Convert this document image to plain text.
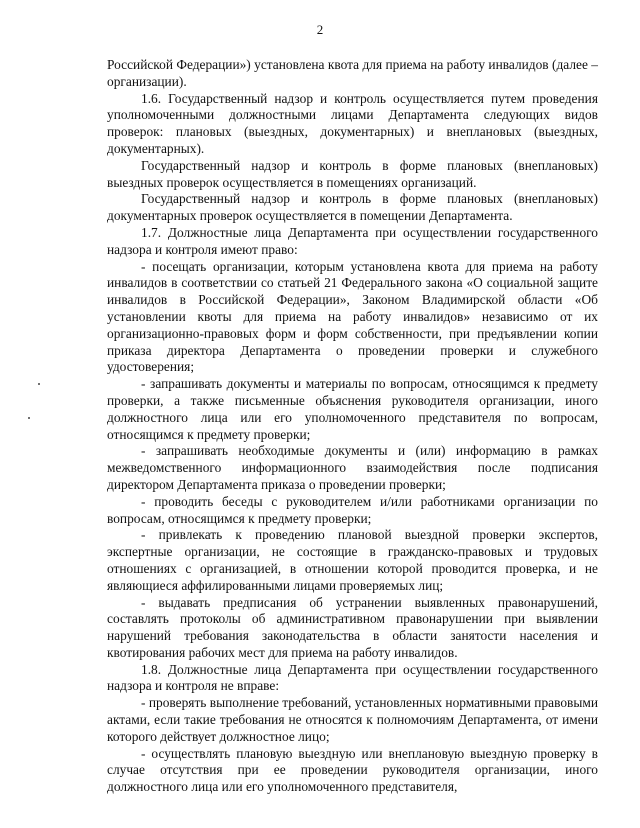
2

Российской Федерации») установлена квота для приема на работу инвалидов (далее – организации).

1.6. Государственный надзор и контроль осуществляется путем проведения уполномоченными должностными лицами Департамента следующих видов проверок: плановых (выездных, документарных) и внеплановых (выездных, документарных).

Государственный надзор и контроль в форме плановых (внеплановых) выездных проверок осуществляется в помещениях организаций.

Государственный надзор и контроль в форме плановых (внеплановых) документарных проверок осуществляется в помещении Департамента.

1.7. Должностные лица Департамента при осуществлении государственного надзора и контроля имеют право:

- посещать организации, которым установлена квота для приема на работу инвалидов в соответствии со статьей 21 Федерального закона «О социальной защите инвалидов в Российской Федерации», Законом Владимирской области «Об установлении квоты для приема на работу инвалидов» независимо от их организационно-правовых форм и форм собственности, при предъявлении копии приказа директора Департамента о проведении проверки и служебного удостоверения;

- запрашивать документы и материалы по вопросам, относящимся к предмету проверки, а также письменные объяснения руководителя организации, иного должностного лица или его уполномоченного представителя по вопросам, относящимся к предмету проверки;

- запрашивать необходимые документы и (или) информацию в рамках межведомственного информационного взаимодействия после подписания директором Департамента приказа о проведении проверки;

- проводить беседы с руководителем и/или работниками организации по вопросам, относящимся к предмету проверки;

- привлекать к проведению плановой выездной проверки экспертов, экспертные организации, не состоящие в гражданско-правовых и трудовых отношениях с организацией, в отношении которой проводится проверка, и не являющиеся аффилированными лицами проверяемых лиц;

- выдавать предписания об устранении выявленных правонарушений, составлять протоколы об административном правонарушении при выявлении нарушений требования законодательства в области занятости населения и квотирования рабочих мест для приема на работу инвалидов.

1.8. Должностные лица Департамента при осуществлении государственного надзора и контроля не вправе:

- проверять выполнение требований, установленных нормативными правовыми актами, если такие требования не относятся к полномочиям Департамента, от имени которого действует должностное лицо;

- осуществлять плановую выездную или внеплановую выездную проверку в случае отсутствия при ее проведении руководителя организации, иного должностного лица или его уполномоченного представителя,
